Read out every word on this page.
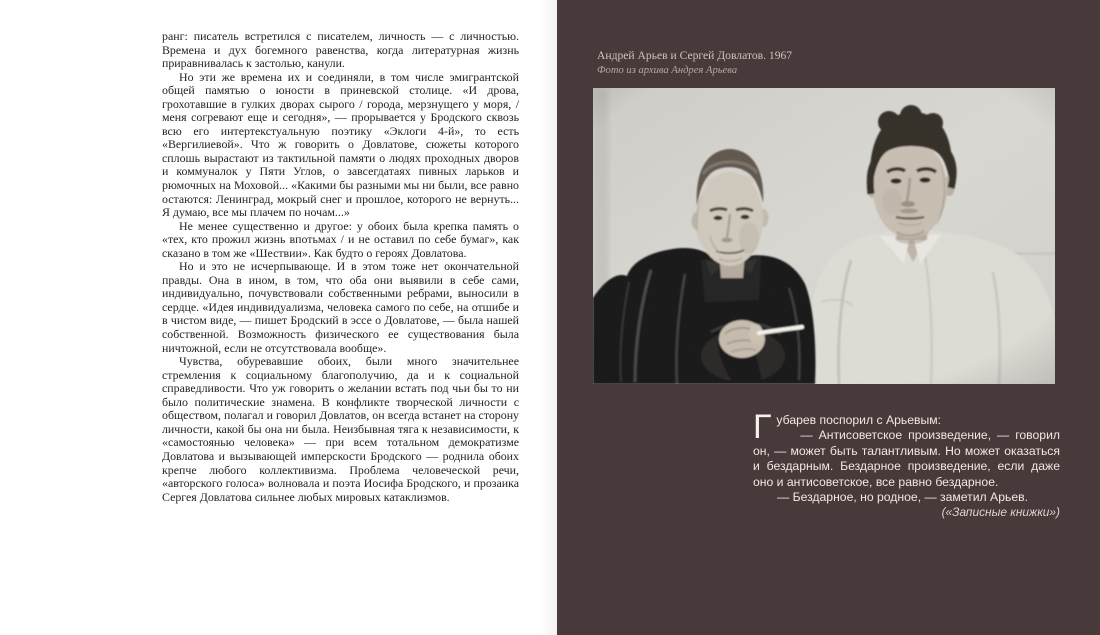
ранг: писатель встретился с писателем, личность — с личностью. Времена и дух богемного равенства, когда литературная жизнь приравнивалась к застолью, канули.

Но эти же времена их и соединяли, в том числе эмигрантской общей памятью о юности в приневской столице. «И дрова, грохотавшие в гулких дворах сырого / города, мерзнущего у моря, / меня согревают еще и сегодня», — прорывается у Бродского сквозь всю его интертекстуальную поэтику «Эклоги 4-й», то есть «Вергилиевой». Что ж говорить о Довлатове, сюжеты которого сплошь вырастают из тактильной памяти о людях проходных дворов и коммуналок у Пяти Углов, о завсегдатаях пивных ларьков и рюмочных на Моховой... «Какими бы разными мы ни были, все равно остаются: Ленинград, мокрый снег и прошлое, которого не вернуть... Я думаю, все мы плачем по ночам...»

Не менее существенно и другое: у обоих была крепка память о «тех, кто прожил жизнь впотьмах / и не оставил по себе бумаг», как сказано в том же «Шествии». Как будто о героях Довлатова.

Но и это не исчерпывающе. И в этом тоже нет окончательной правды. Она в ином, в том, что оба они выявили в себе сами, индивидуально, почувствовали собственными ребрами, выносили в сердце. «Идея индивидуализма, человека самого по себе, на отшибе и в чистом виде, — пишет Бродский в эссе о Довлатове, — была нашей собственной. Возможность физического ее существования была ничтожной, если не отсутствовала вообще».

Чувства, обуревавшие обоих, были много значительнее стремления к социальному благополучию, да и к социальной справедливости. Что уж говорить о желании встать под чьи бы то ни было политические знамена. В конфликте творческой личности с обществом, полагал и говорил Довлатов, он всегда встанет на сторону личности, какой бы она ни была. Неизбывная тяга к независимости, к «самостоянью человека» — при всем тотальном демократизме Довлатова и вызывающей имперскости Бродского — роднила обоих крепче любого коллективизма. Проблема человеческой речи, «авторского голоса» волновала и поэта Иосифа Бродского, и прозаика Сергея Довлатова сильнее любых мировых катаклизмов.

Андрей Арьев и Сергей Довлатов. 1967
Фото из архива Андрея Арьева

Губарев поспорил с Арьевым:

— Антисоветское произведение, — говорил он, — может быть талантливым. Но может оказаться и бездарным. Бездарное произведение, если даже оно и антисоветское, все равно бездарное.

— Бездарное, но родное, — заметил Арьев.

(«Записные книжки»)
